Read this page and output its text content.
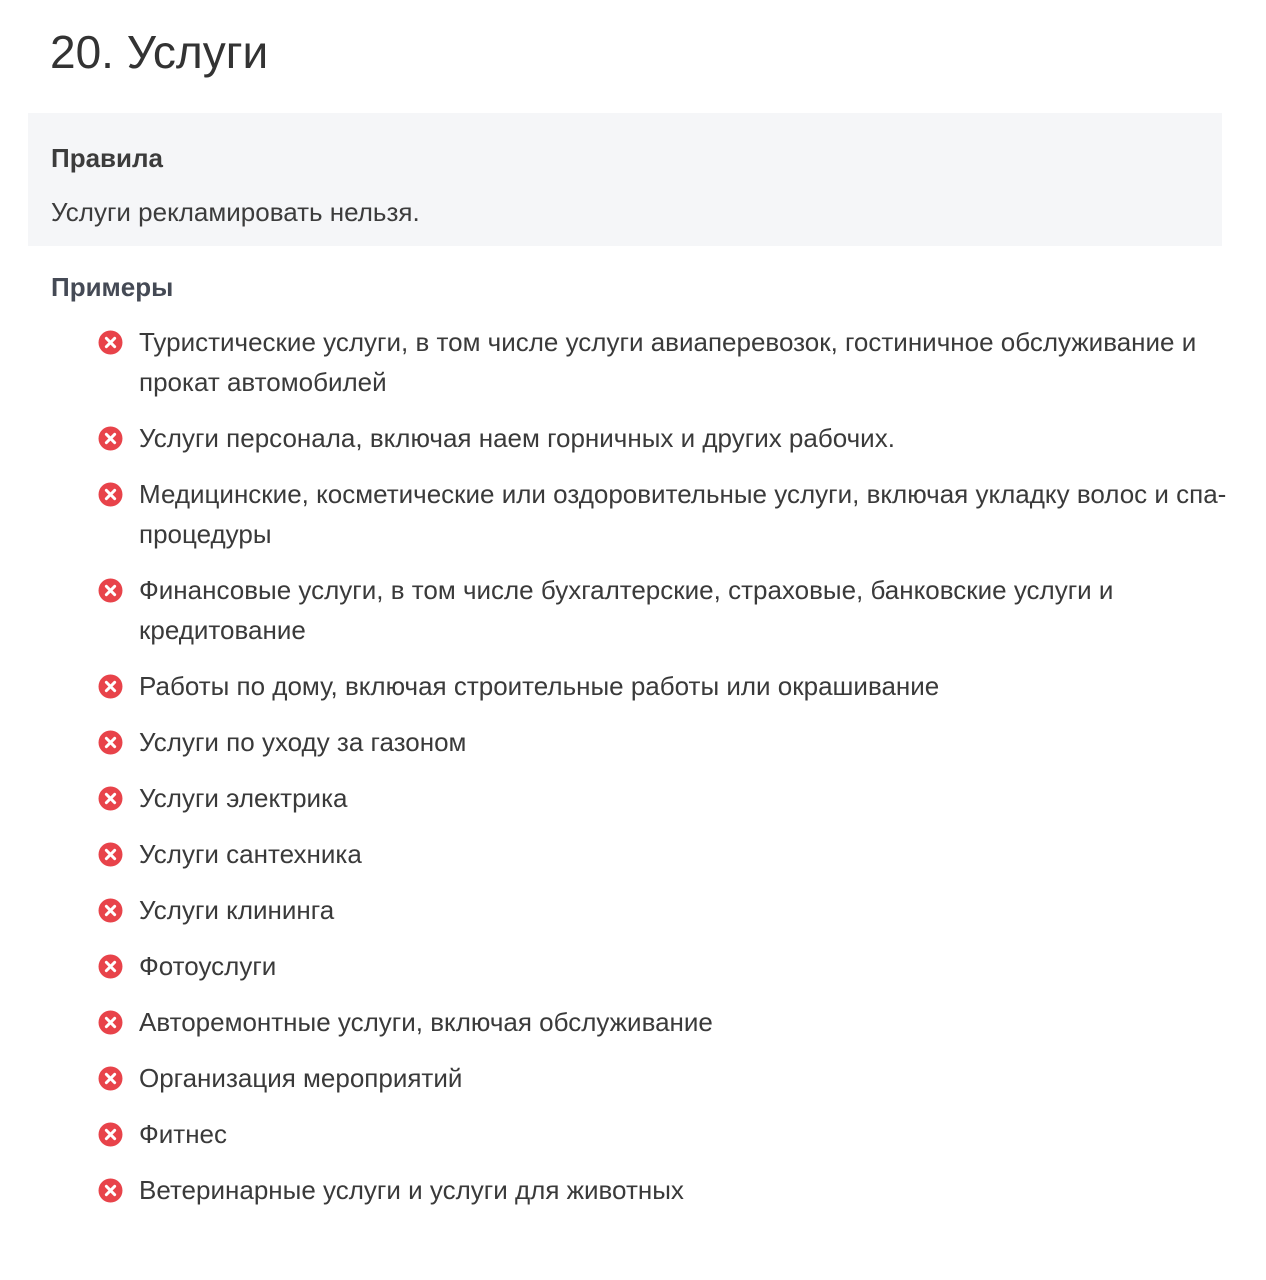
20. Услуги
Правила
Услуги рекламировать нельзя.
Примеры
Туристические услуги, в том числе услуги авиаперевозок, гостиничное обслуживание и прокат автомобилей
Услуги персонала, включая наем горничных и других рабочих.
Медицинские, косметические или оздоровительные услуги, включая укладку волос и спа-процедуры
Финансовые услуги, в том числе бухгалтерские, страховые, банковские услуги и кредитование
Работы по дому, включая строительные работы или окрашивание
Услуги по уходу за газоном
Услуги электрика
Услуги сантехника
Услуги клининга
Фотоуслуги
Авторемонтные услуги, включая обслуживание
Организация мероприятий
Фитнес
Ветеринарные услуги и услуги для животных
